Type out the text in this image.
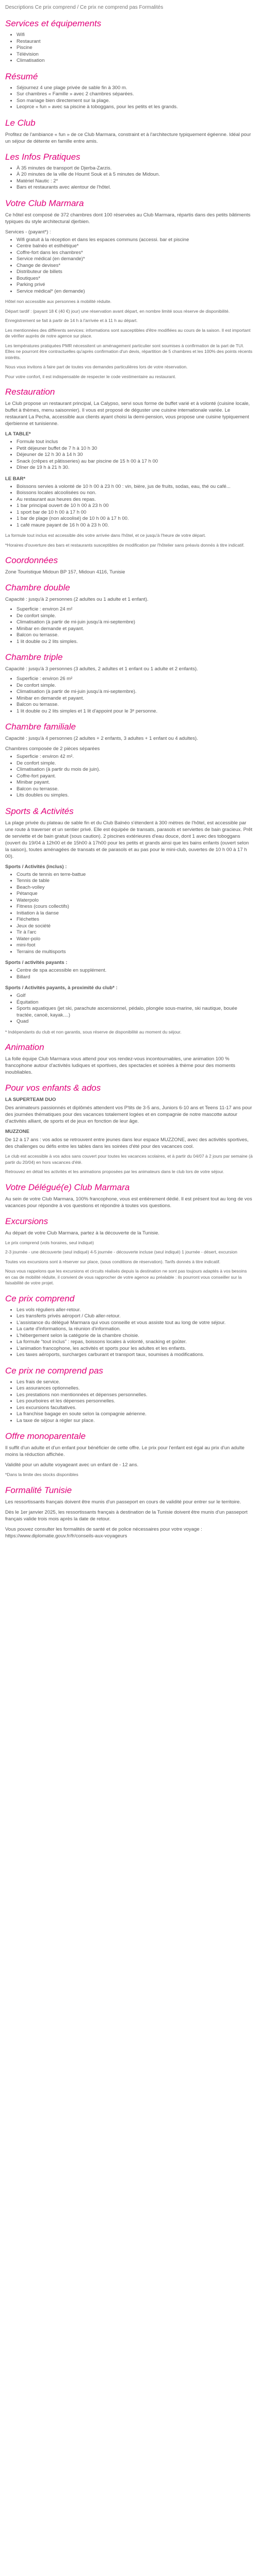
Descriptions Ce prix comprend / Ce prix ne comprend pas Formalités

Services et équipements
• Wifi
• Restaurant
• Piscine
• Télévision
• Climatisation
Résumé
• Séjournez 4 une plage privée de sable fin à 300 m.
• Sur chambres « Famille » avec 2 chambres séparées.
• Son mariage bien directement sur la plage.
• Leoprce « fun » avec sa piscine à toboggans, pour les petits et les grands.
Le Club

Profitez de l'ambiance « fun » de ce Club Marmara, constraint et à l'architecture typiquement égéenne. Idéal pour un séjour de détente en famille entre amis.

Les Infos Pratiques
• À 35 minutes de transport de Djerba-Zarzis.
• À 20 minutes de la ville de Houmt Souk et à 5 minutes de Midoun.
• Matériel Nautic : 2*
• Bars et restaurants avec alentour de l'hôtel.
Votre Club Marmara

Ce hôtel est composé de 372 chambres dont 100 réservées au Club Marmara, répartis dans des petits bâtiments typiques du style architectural djerbien.

Services - (payant*) :

• Wifi gratuit à la réception et dans les espaces communs (accessi. bar et piscine
• Centre balnéo et esthétique*
• Coffre-fort dans les chambres*
• Service médical (en demande)*
• Change de devises*
• Distributeur de billets
• Boutiques*
• Parking privé
• Service médical* (en demande)

Hôtel non accessible aux personnes à mobilité réduite.

Départ tardif : (payant 18 € (40 €) jour) une réservation avant départ, en nombre limité sous réserve de disponibilité.

Enregistrement se fait à partir de 14 h à l'arrivée et à 11 h au départ.

Les mentionnées des différents services: informations sont susceptibles d'être modifiées au cours de la saison. Il est important de vérifier auprès de notre agence sur place.

Les températures pratiquées PMR nécessitent un aménagement particulier sont soumises à confirmation de la part de TUI. Elles ne pourront être contractuelles qu'après confirmation d'un devis, répartition de 5 chambres et les 100% des points récents intérêts.

Nous vous invitons à faire part de toutes vos demandes particulières lors de votre réservation.

Pour votre confort, il est indispensable de respecter le code vestimentaire au restaurant.

Restauration

Le Club propose un restaurant principal, La Calypso, servi sous forme de buffet varié et à volonté (cuisine locale, buffet à thèmes, menu saisonnier). Il vous est proposé de déguster une cuisine internationale variée. Le restaurant La Pecha, accessible aux clients ayant choisi la demi-pension, vous propose une cuisine typiquement djerbienne et tunisienne.

LA TABLE*

• Formule tout inclus
• Petit déjeuner buffet de 7 h à 10 h 30
• Déjeuner de 12 h 30 à 14 h 30
• Snack (crêpes et pâtisseries) au bar piscine de 15 h 00 à 17 h 00
• Dîner de 19 h à 21 h 30.

LE BAR*

• Boissons servies à volonté de 10 h 00 à 23 h 00 : vin, bière, jus de fruits, sodas, eau, thé ou café...
• Boissons locales alcoolisées ou non.
• Au restaurant aux heures des repas.
• 1 bar principal ouvert de 10 h 00 à 23 h 00
• 1 sport bar de 10 h 00 à 17 h 00
• 1 bar de plage (non alcoolisé) de 10 h 00 à 17 h 00.
• 1 café maure payant de 16 h 00 à 23 h 00.

La formule tout inclus est accessible dès votre arrivée dans l'hôtel, et ce jusqu'à l'heure de votre départ.

*Horaires d'ouverture des bars et restaurants susceptibles de modification par l'hôtelier sans préavis donnés à titre indicatif.

Coordonnées

Zone Touristique Midoun BP 157, Midoun 4116, Tunisie

Chambre double

Capacité : jusqu'à 2 personnes (2 adultes ou 1 adulte et 1 enfant).

• Superficie : environ 24 m²
• De confort simple.
• Climatisation (à partir de mi-juin jusqu'à mi-septembre)
• Minibar en demande et payant.
• Balcon ou terrasse.
• 1 lit double ou 2 lits simples.
Chambre triple

Capacité : jusqu'à 3 personnes (3 adultes, 2 adultes et 1 enfant ou 1 adulte et 2 enfants).

• Superficie : environ 26 m²
• De confort simple.
• Climatisation (à partir de mi-juin jusqu'à mi-septembre).
• Minibar en demande et payant.
• Balcon ou terrasse.
• 1 lit double ou 2 lits simples et 1 lit d'appoint pour le 3ᵉ personne.
Chambre familiale

Capacité : jusqu'à 4 personnes (2 adultes + 2 enfants, 3 adultes + 1 enfant ou 4 adultes).

Chambres composée de 2 pièces séparées

• Superficie : environ 42 m².
• De confort simple.
• Climatisation (à partir du mois de juin).
• Coffre-fort payant.
• Minibar payant.
• Balcon ou terrasse.
• Lits doubles ou simples.
Sports & Activités

La plage privée du plateau de sable fin et du Club Balnéo s'étendent à 300 mètres de l'hôtel, est accessible par une route à traverser et un sentier privé. Elle est équipée de transats, parasols et serviettes de bain gracieux. Prêt de serviette et de bain gratuit (sous caution). 2 piscines extérieures d'eau douce, dont 1 avec des toboggans (ouvert du 19/04 à 12h00 et de 15h00 à 17h00 pour les petits et grands ainsi que les bains enfants (ouvert selon la saison), toutes aménagées de transats et de parasols et au pas pour le mini-club, ouvertes de 10 h 00 à 17 h 00).

Sports / Activités (inclus) :

• Courts de tennis en terre-battue
• Tennis de table
• Beach-volley
• Pétanque
• Waterpolo
• Fitness (cours collectifs)
• Initiation à la danse
• Fléchettes
• Jeux de société
• Tir à l'arc
• Water-polo
• mini-foot
• Terrains de multisports

Sports / activités payants :

• Centre de spa accessible en supplément.
• Billard

Sports / Activités payants, à proximité du club* :

• Golf
• Équitation
• Sports aquatiques (jet ski, parachute ascensionnel, pédalo, plongée sous-marine, ski nautique, bouée tractée, canoë, kayak....)
• Quad

* Indépendants du club et non garantis, sous réserve de disponibilité au moment du séjour.

Animation

La folle équipe Club Marmara vous attend pour vos rendez-vous incontournables, une animation 100 % francophone autour d'activités ludiques et sportives, des spectacles et soirées à thème pour des moments inoubliables.

Pour vos enfants & ados

LA SUPERTEAM DUO

Des animateurs passionnés et diplômés attendent vos P'tits de 3-5 ans, Juniors 6-10 ans et Teens 11-17 ans pour des journées thématiques pour des vacances totalement logées et en compagnie de notre mascotte autour d'activités alliant, de sports et de jeux en fonction de leur âge.

MUZZONE

De 12 à 17 ans : vos ados se retrouvent entre jeunes dans leur espace MUZZONE, avec des activités sportives, des challenges ou défis entre les tables dans les soirées d'été pour des vacances cool.

Le club est accessible à vos ados sans couvert pour toutes les vacances scolaires, et à partir du 04/07 à 2 jours par semaine (à partir du 20/04) en hors vacances d'été.

Retrouvez en détail les activités et les animations proposées par les animateurs dans le club lors de votre séjour.

Votre Délégué(e) Club Marmara

Au sein de votre Club Marmara, 100% francophone, vous est entièrement dédié. Il est présent tout au long de vos vacances pour répondre à vos questions et répondre à toutes vos questions.

Excursions

Au départ de votre Club Marmara, partez à la découverte de la Tunisie.

Le prix comprend (vols horaires, seul indiqué)

2-3 journée - une découverte (seul indiqué) 4-5 journée - découverte incluse (seul indiqué) 1 journée - désert, excursion

Toutes vos excursions sont à réserver sur place, (sous conditions de réservation). Tarifs donnés à titre indicatif.

Nous vous rappelons que les excursions et circuits réalisés depuis la destination ne sont pas toujours adaptés à vos besoins en cas de mobilité réduite, il convient de vous rapprocher de votre agence au préalable : ils pourront vous conseiller sur la faisabilité de votre projet.

Ce prix comprend
• Les vols réguliers aller-retour.
• Les transferts privés aéroport / Club aller-retour.
• L'assistance du délégué Marmara qui vous conseille et vous assiste tout au long de votre séjour.
• La carte d'informations, la réunion d'information.
• L'hébergement selon la catégorie de la chambre choisie.
• La formule "tout inclus" : repas, boissons locales à volonté, snacking et goûter.
• L'animation francophone, les activités et sports pour les adultes et les enfants.
• Les taxes aéroports, surcharges carburant et transport taux, soumises à modifications.
Ce prix ne comprend pas
• Les frais de service.
• Les assurances optionnelles.
• Les prestations non mentionnées et dépenses personnelles.
• Les pourboires et les dépenses personnelles.
• Les excursions facultatives.
• La franchise bagage en soute selon la compagnie aérienne.
• La taxe de séjour à régler sur place.
Offre monoparentale

Il suffit d'un adulte et d'un enfant pour bénéficier de cette offre. Le prix pour l'enfant est égal au prix d'un adulte moins la réduction affichée.

Validité pour un adulte voyageant avec un enfant de - 12 ans.

*Dans la limite des stocks disponibles

Formalité Tunisie

Les ressortissants français doivent être munis d'un passeport en cours de validité pour entrer sur le territoire.

Dès le 1er janvier 2025, les ressortissants français à destination de la Tunisie doivent être munis d'un passeport français valide trois mois après la date de retour.

Vous pouvez consulter les formalités de santé et de police nécessaires pour votre voyage : https://www.diplomatie.gouv.fr/fr/conseils-aux-voyageurs
